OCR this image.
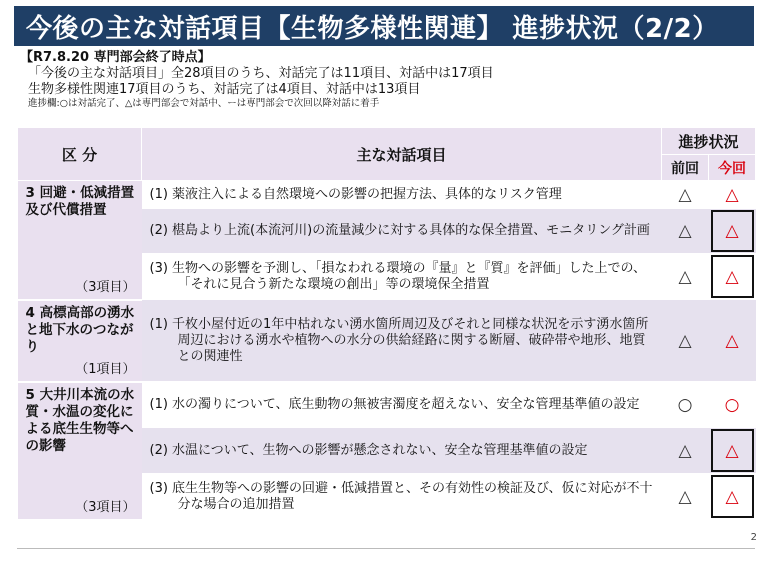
今後の主な対話項目【生物多様性関連】 進捗状況（2/2）
【R7.8.20 専門部会終了時点】
「今後の主な対話項目」全28項目のうち、対話完了は11項目、対話中は17項目
生物多様性関連17項目のうち、対話完了は4項目、対話中は13項目
進捗欄:○は対話完了、△は専門部会で対話中、ーは専門部会で次回以降対話に着手
区 分	主な対話項目	進捗状況	
		前回	今回
3 回避・低減措置及び代償措置
（3項目）	(1) 薬液注入による自然環境への影響の把握方法、具体的なリスク管理	△	△

	(2) 椹島より上流(本流河川)の流量減少に対する具体的な保全措置、モニタリング計画	△	△

	(3) 生物への影響を予測し、「損なわれる環境の『量』と『質』を評価」した上での、「それに見合う新たな環境の創出」等の環境保全措置	△	△
4 高標高部の湧水と地下水のつながり
（1項目）	(1) 千枚小屋付近の1年中枯れない湧水箇所周辺及びそれと同様な状況を示す湧水箇所周辺における湧水や植物への水分の供給経路に関する断層、破砕帯や地形、地質との関連性	△	△
5 大井川本流の水質・水温の変化による底生生物等への影響
（3項目）	(1) 水の濁りについて、底生動物の無被害濁度を超えない、安全な管理基準値の設定	○	○

	(2) 水温について、生物への影響が懸念されない、安全な管理基準値の設定	△	△

	(3) 底生生物等への影響の回避・低減措置と、その有効性の検証及び、仮に対応が不十分な場合の追加措置	△	△
2
